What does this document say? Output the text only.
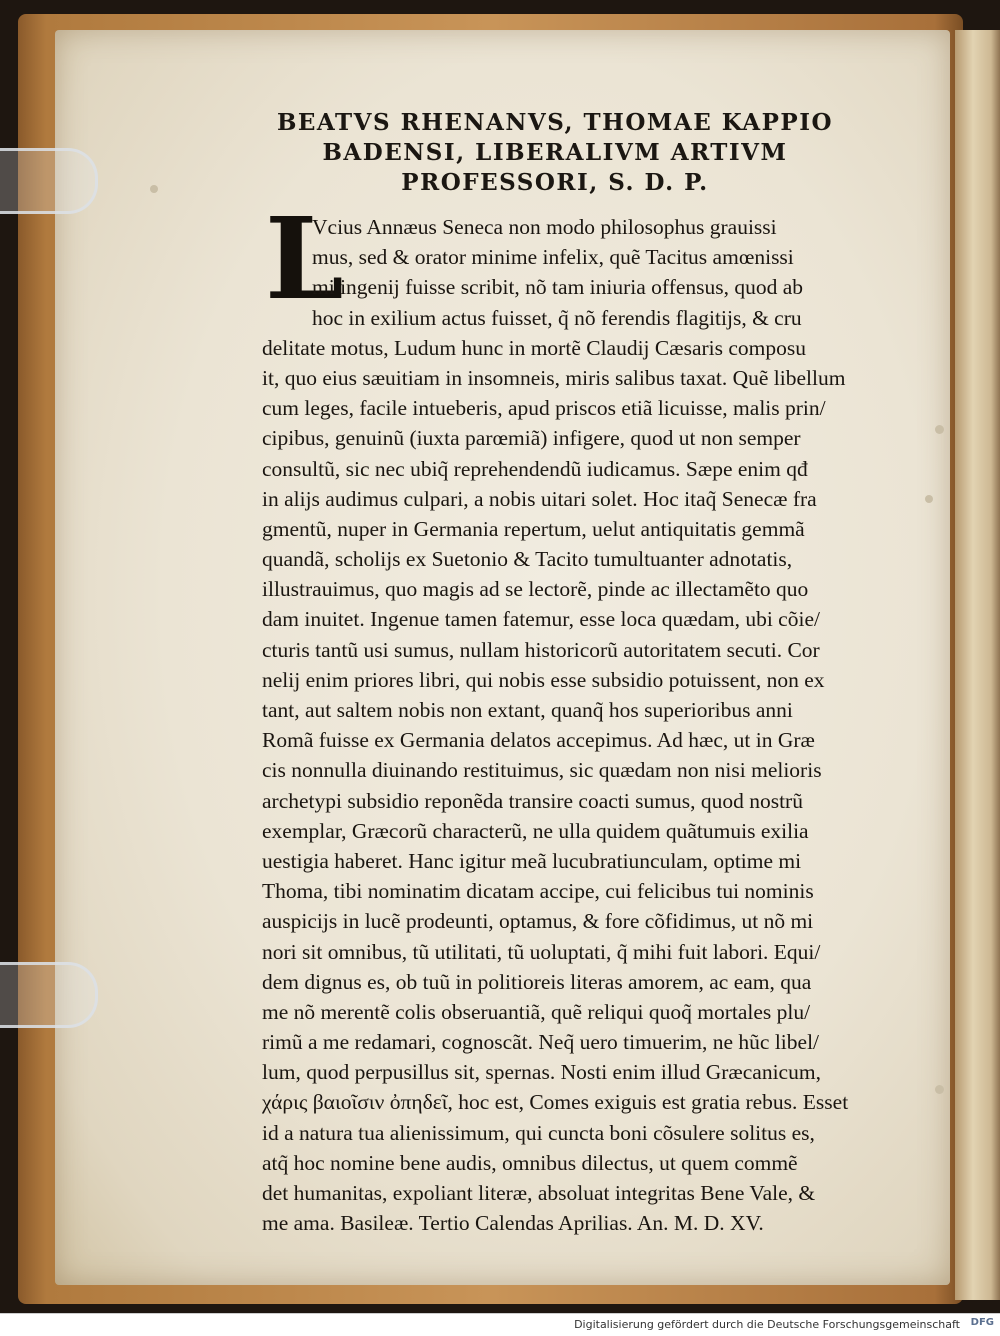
BEATVS RHENANVS, THOMAE KAPPIO
BADENSI, LIBERALIVM ARTIVM
PROFESSORI, S. D. P.
L
Vcius Annæus Seneca non modo philosophus grauissi
mus, sed & orator minime infelix, quẽ Tacitus amœnissi
mi ingenij fuisse scribit, nõ tam iniuria offensus, quod ab
hoc in exilium actus fuisset, q̃ nõ ferendis flagitijs, & cru
delitate motus, Ludum hunc in mortẽ Claudij Cæsaris composu
it, quo eius sæuitiam in insomneis, miris salibus taxat. Quẽ libellum
cum leges, facile intueberis, apud priscos etiã licuisse, malis prin/
cipibus, genuinũ (iuxta parœmiã) infigere, quod ut non semper
consultũ, sic nec ubiq̃ reprehendendũ iudicamus. Sæpe enim qđ
in alijs audimus culpari, a nobis uitari solet. Hoc itaq̃ Senecæ fra
gmentũ, nuper in Germania repertum, uelut antiquitatis gemmã
quandã, scholijs ex Suetonio & Tacito tumultuanter adnotatis,
illustrauimus, quo magis ad se lectorẽ, pinde ac illectamẽto quo
dam inuitet. Ingenue tamen fatemur, esse loca quædam, ubi cõie/
cturis tantũ usi sumus, nullam historicorũ autoritatem secuti. Cor
nelij enim priores libri, qui nobis esse subsidio potuissent, non ex
tant, aut saltem nobis non extant, quanq̃ hos superioribus anni
Romã fuisse ex Germania delatos accepimus. Ad hæc, ut in Græ
cis nonnulla diuinando restituimus, sic quædam non nisi melioris
archetypi subsidio reponẽda transire coacti sumus, quod nostrũ
exemplar, Græcorũ characterũ, ne ulla quidem quãtumuis exilia
uestigia haberet. Hanc igitur meã lucubratiunculam, optime mi
Thoma, tibi nominatim dicatam accipe, cui felicibus tui nominis
auspicijs in lucẽ prodeunti, optamus, & fore cõfidimus, ut nõ mi
nori sit omnibus, tũ utilitati, tũ uoluptati, q̃ mihi fuit labori. Equi/
dem dignus es, ob tuũ in politioreis literas amorem, ac eam, qua
me nõ merentẽ colis obseruantiã, quẽ reliqui quoq̃ mortales plu/
rimũ a me redamari, cognoscãt. Neq̃ uero timuerim, ne hũc libel/
lum, quod perpusillus sit, spernas. Nosti enim illud Græcanicum,
χάρις βαιοῖσιν ὀπηδεῖ, hoc est, Comes exiguis est gratia rebus. Esset
id a natura tua alienissimum, qui cuncta boni cõsulere solitus es,
atq̃ hoc nomine bene audis, omnibus dilectus, ut quem commẽ
det humanitas, expoliant literæ, absoluat integritas Bene Vale, &
me ama. Basileæ. Tertio Calendas Aprilias. An. M. D. XV.
Digitalisierung gefördert durch die Deutsche Forschungsgemeinschaft DFG
